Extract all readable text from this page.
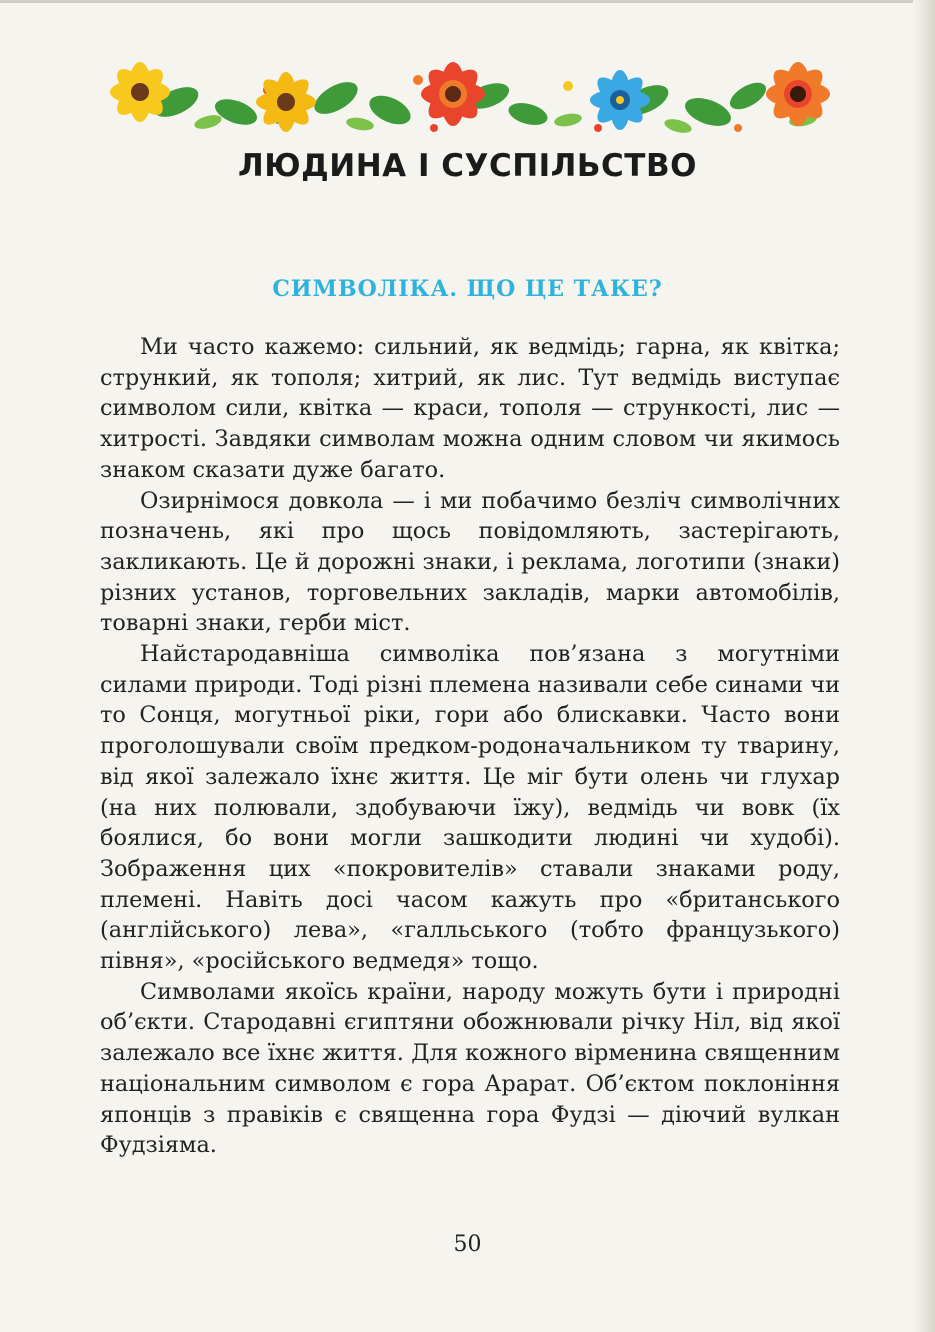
ЛЮДИНА І СУСПІЛЬСТВО
СИМВОЛІКА. ЩО ЦЕ ТАКЕ?

Ми часто кажемо: сильний, як ведмідь; гарна, як квітка; стрункий, як тополя; хитрий, як лис. Тут ведмідь виступає символом сили, квітка — краси, тополя — стрункості, лис — хитрості. Завдяки символам можна одним словом чи якимось знаком сказати дуже багато.

Озирнімося довкола — і ми побачимо безліч символічних позначень, які про щось повідомляють, застерігають, закликають. Це й дорожні знаки, і реклама, логотипи (знаки) різних установ, торговельних закладів, марки автомобілів, товарні знаки, герби міст.

Найстародавніша символіка пов’язана з могутніми силами природи. Тоді різні племена називали себе синами чи то Сонця, могутньої ріки, гори або блискавки. Часто вони проголошували своїм предком-родоначальником ту тварину, від якої залежало їхнє життя. Це міг бути олень чи глухар (на них полювали, здобуваючи їжу), ведмідь чи вовк (їх боялися, бо вони могли зашкодити людині чи худобі). Зображення цих «покровителів» ставали знаками роду, племені. Навіть досі часом кажуть про «британського (англійського) лева», «галльського (тобто французького) півня», «російського ведмедя» тощо.

Символами якоїсь країни, народу можуть бути і природні об’єкти. Стародавні єгиптяни обожнювали річку Ніл, від якої залежало все їхнє життя. Для кожного вірменина священним національним символом є гора Арарат. Об’єктом поклоніння японців з правіків є священна гора Фудзі — діючий вулкан Фудзіяма.

50
